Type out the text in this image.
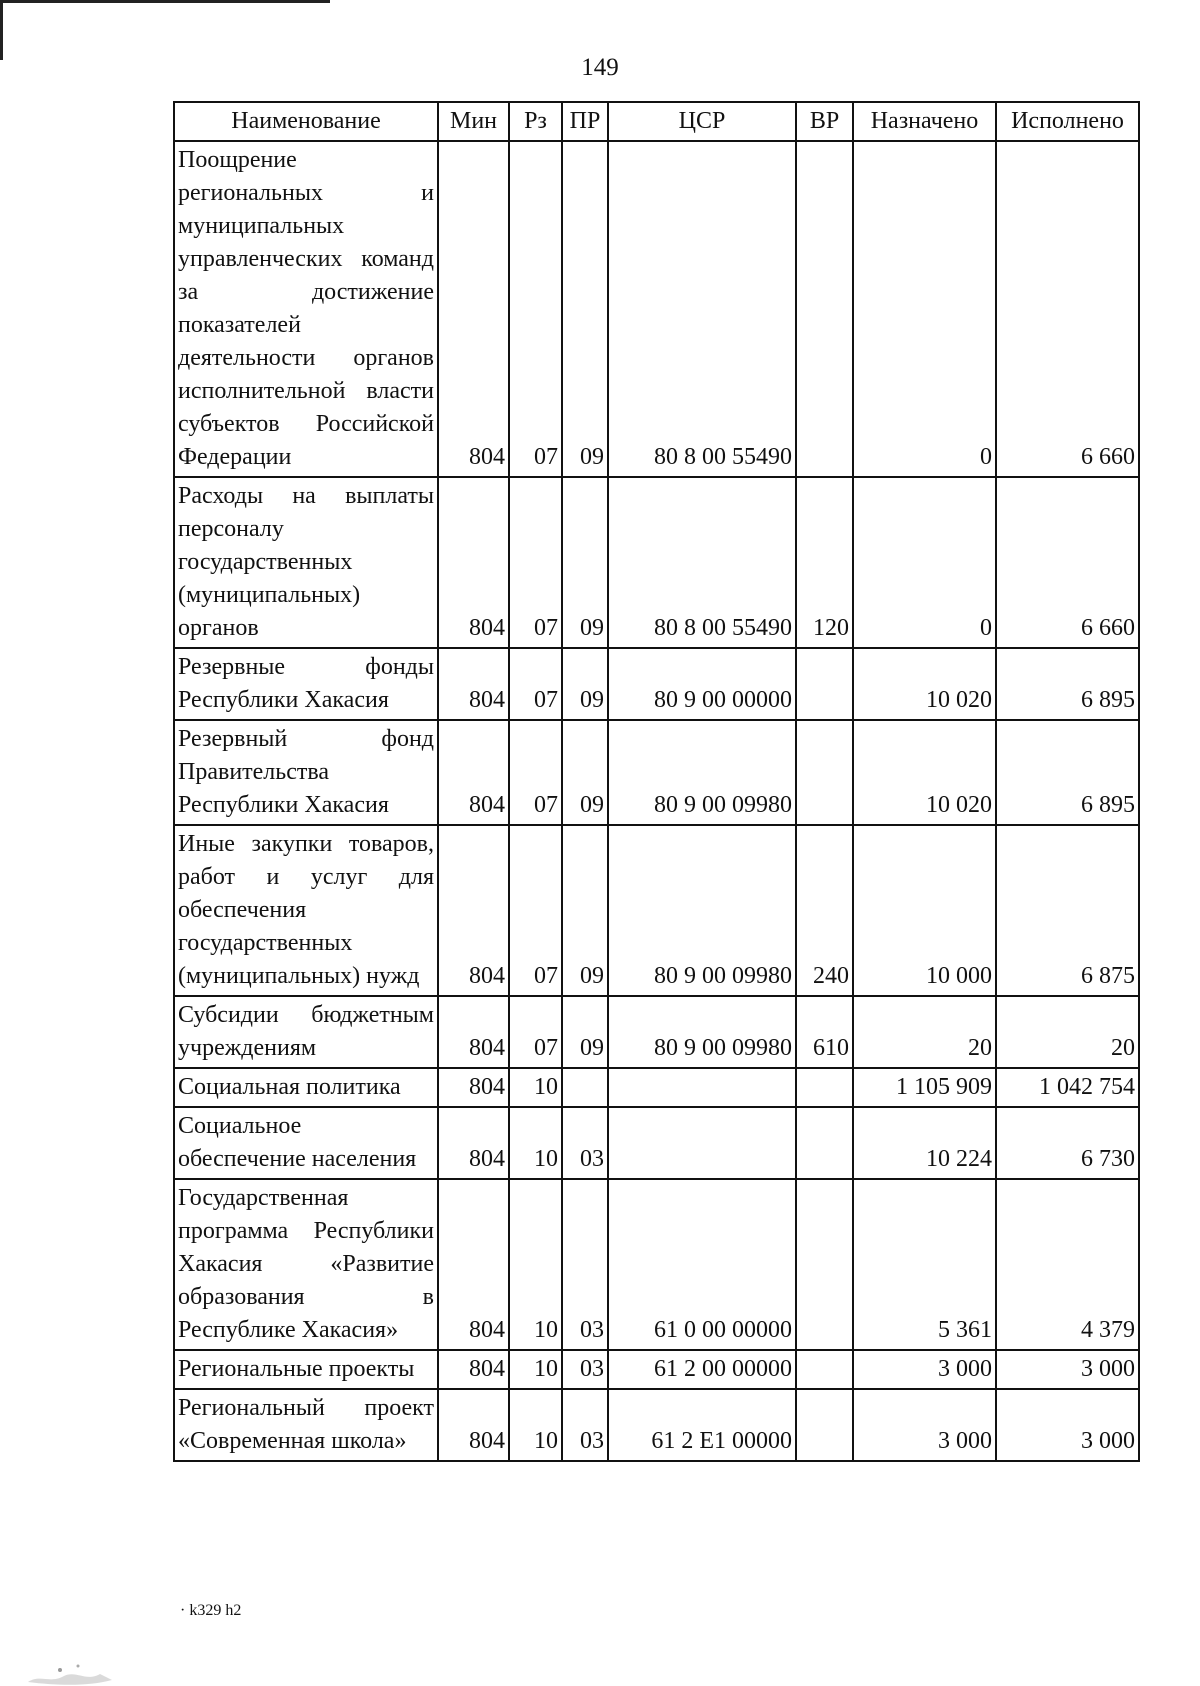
149
Наименование	Мин	Рз	ПР	ЦСР	ВР	Назначено	Исполнено
Поощрение региональных и муниципальных управленческих команд за достижение показателей деятельности органов исполнительной власти субъектов Российской Федерации	804	07	09	80 8 00 55490		0	6 660
Расходы на выплаты персоналу государственных (муниципальных) органов	804	07	09	80 8 00 55490	120	0	6 660
Резервные фонды Республики Хакасия	804	07	09	80 9 00 00000		10 020	6 895
Резервный фонд Правительства Республики Хакасия	804	07	09	80 9 00 09980		10 020	6 895
Иные закупки товаров, работ и услуг для обеспечения государственных (муниципальных) нужд	804	07	09	80 9 00 09980	240	10 000	6 875
Субсидии бюджетным учреждениям	804	07	09	80 9 00 09980	610	20	20
Социальная политика	804	10				1 105 909	1 042 754
Социальное обеспечение населения	804	10	03			10 224	6 730
Государственная программа Республики Хакасия «Развитие образования в Республике Хакасия»	804	10	03	61 0 00 00000		5 361	4 379
Региональные проекты	804	10	03	61 2 00 00000		3 000	3 000
Региональный проект «Современная школа»	804	10	03	61 2 E1 00000		3 000	3 000
· k329 h2
